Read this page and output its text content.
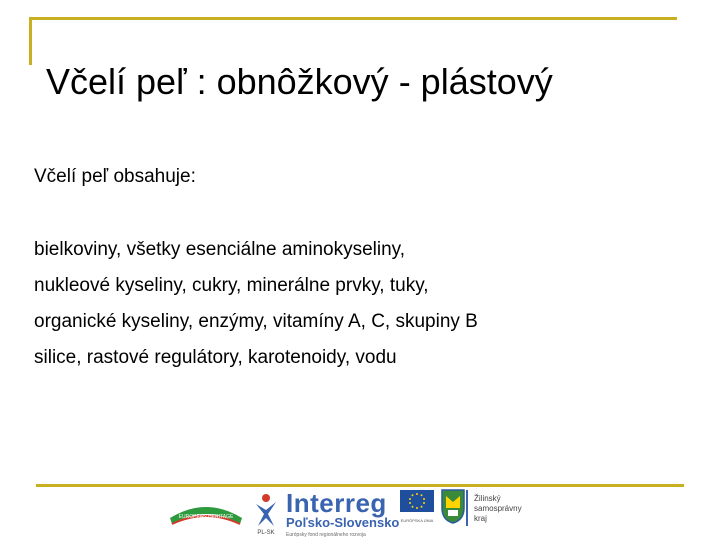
Včelí peľ : obnôžkový - plástový
Včelí peľ obsahuje:
bielkoviny, všetky esenciálne aminokyseliny,
nukleové kyseliny, cukry, minerálne prvky, tuky,
organické kyseliny, enzýmy, vitamíny A, C, skupiny B
silice, rastové regulátory, karotenoidy, vodu
EUROPEAN HERITAGE
PL-SK
Interreg
Poľsko-Slovensko
Európsky fond regionálneho rozvoja
EURÓPSKA ÚNIA
Žilinský
samosprávny
kraj
